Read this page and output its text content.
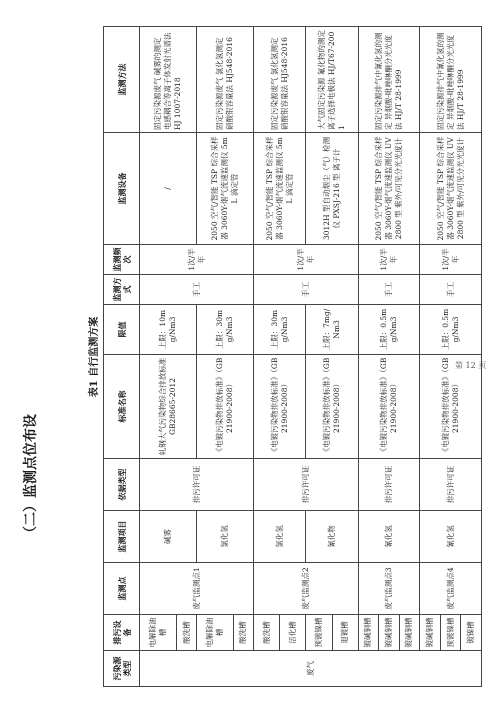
（二）监测点位布设
第 12 页
表1 自行监测方案
污染源类型	排污设备	监测点	监测项目	依据类型	标准名称	限值	监测方式	监测频次	监测设备	监测方法
废气	电解除油槽	废气监测点1	碱雾	排污许可证	轧钢大气污染物综合排放标准 GB28665-2012	上限：10mg/Nm3	手工	1次/半年	/	固定污染源废气 碱雾的测定 电感耦合等离子体发射光谱法 HJ 1007-2018
	酸洗槽									
	电解除油槽		氯化氢		《电镀污染物排放标准》（GB 21900-2008）	上限：30mg/Nm3			2050 空气/智能 TSP 综合采样器 3060Y-烟气流速监测仪 5mL 滴定管	固定污染源废气 氯化氢测定 硝酸银容量法 HJ548-2016
	酸洗槽									
	酸洗槽	废气监测点2	氯化氢	排污许可证	《电镀污染物排放标准》（GB 21900-2008）	上限：30mg/Nm3	手工	1次/半年	2050 空气/智能 TSP 综合采样器 3060Y-烟气流速监测仪 5mL 滴定管	固定污染源废气 氯化氢测定 硝酸银容量法 HJ548-2016
	活化槽									
	预镀镍槽		氰化物		《电镀污染物排放标准》（GB 21900-2008）	上限：7mg/Nm3			3012H 型自动烟尘（气）检测仪 PXSJ-216 型 离子计	大气固定污染源 氟化物的测定 离子选择电极法 HJ/T67-2001
	退镀槽									
	镀碱铜槽	废气监测点3	氰化氢	排污许可证	《电镀污染物排放标准》（GB 21900-2008）	上限：0.5mg/Nm3	手工	1次/半年	2050 空气/智能 TSP 综合采样器 3060Y-烟气流速监测仪 UV2800 型 紫外/可见分光光度计	固定污染源排气中氰化氢的测定 异烟酸-吡唑啉酮分光光度法 HJ/T 28-1999
	镀碱铜槽									
	镀碱铜槽									
	镀碱铜槽	废气监测点4	氰化氢	排污许可证	《电镀污染物排放标准》（GB 21900-2008）	上限：0.5mg/Nm3	手工	1次/半年	2050 空气/智能 TSP 综合采样器 3060Y-烟气流速监测仪 UV2800 型 紫外/可见分光光度计	固定污染源排气中氰化氢的测定 异烟酸-吡唑啉酮分光光度法 HJ/T 28-1999
	预镀镍槽									
	镀镍槽									
